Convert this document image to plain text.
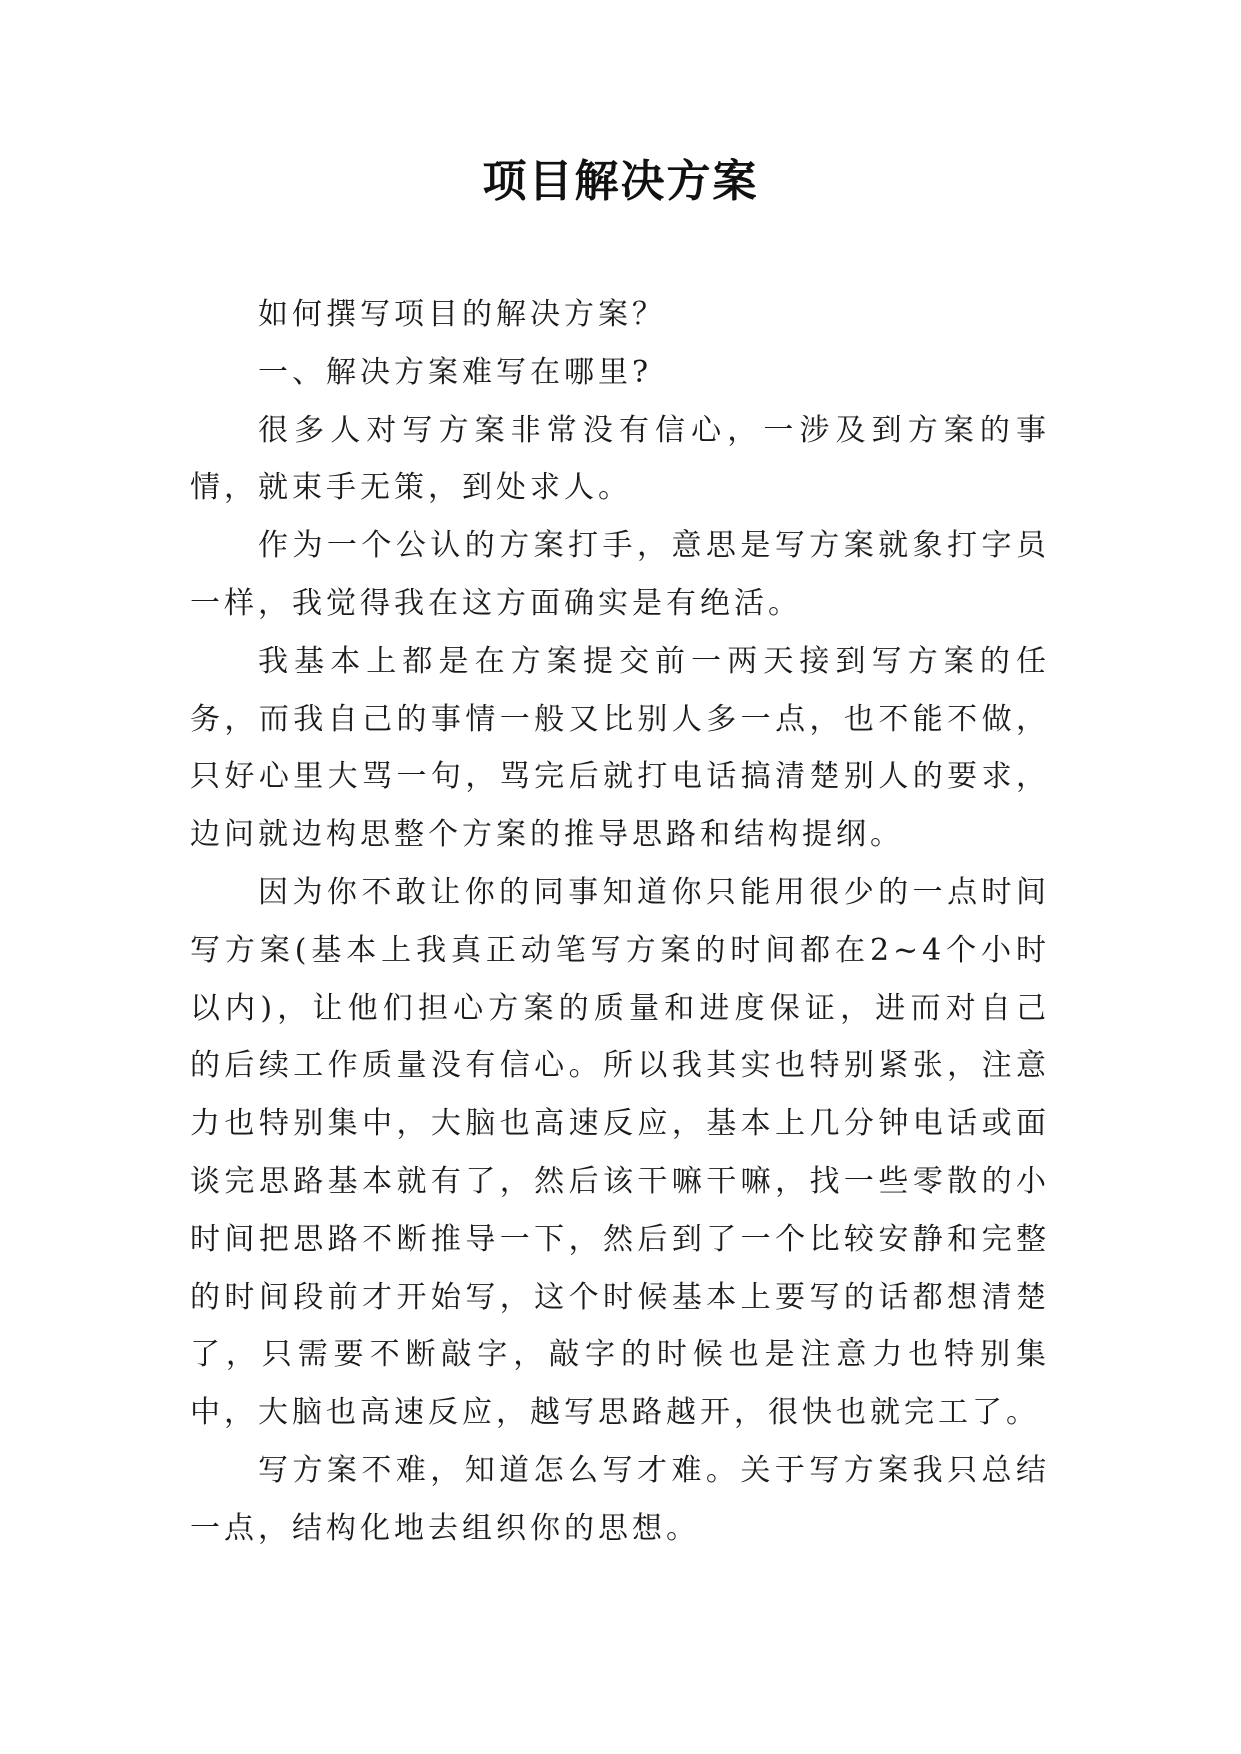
项目解决方案

如何撰写项目的解决方案？

一、解决方案难写在哪里?

很多人对写方案非常没有信心，一涉及到方案的事情，就束手无策，到处求人。

作为一个公认的方案打手，意思是写方案就象打字员一样，我觉得我在这方面确实是有绝活。

我基本上都是在方案提交前一两天接到写方案的任务，而我自己的事情一般又比别人多一点，也不能不做，只好心里大骂一句，骂完后就打电话搞清楚别人的要求，边问就边构思整个方案的推导思路和结构提纲。

因为你不敢让你的同事知道你只能用很少的一点时间写方案(基本上我真正动笔写方案的时间都在2~4个小时以内)，让他们担心方案的质量和进度保证，进而对自己的后续工作质量没有信心。所以我其实也特别紧张，注意力也特别集中，大脑也高速反应，基本上几分钟电话或面谈完思路基本就有了，然后该干嘛干嘛，找一些零散的小时间把思路不断推导一下，然后到了一个比较安静和完整的时间段前才开始写，这个时候基本上要写的话都想清楚了，只需要不断敲字，敲字的时候也是注意力也特别集中，大脑也高速反应，越写思路越开，很快也就完工了。

写方案不难，知道怎么写才难。关于写方案我只总结一点，结构化地去组织你的思想。
